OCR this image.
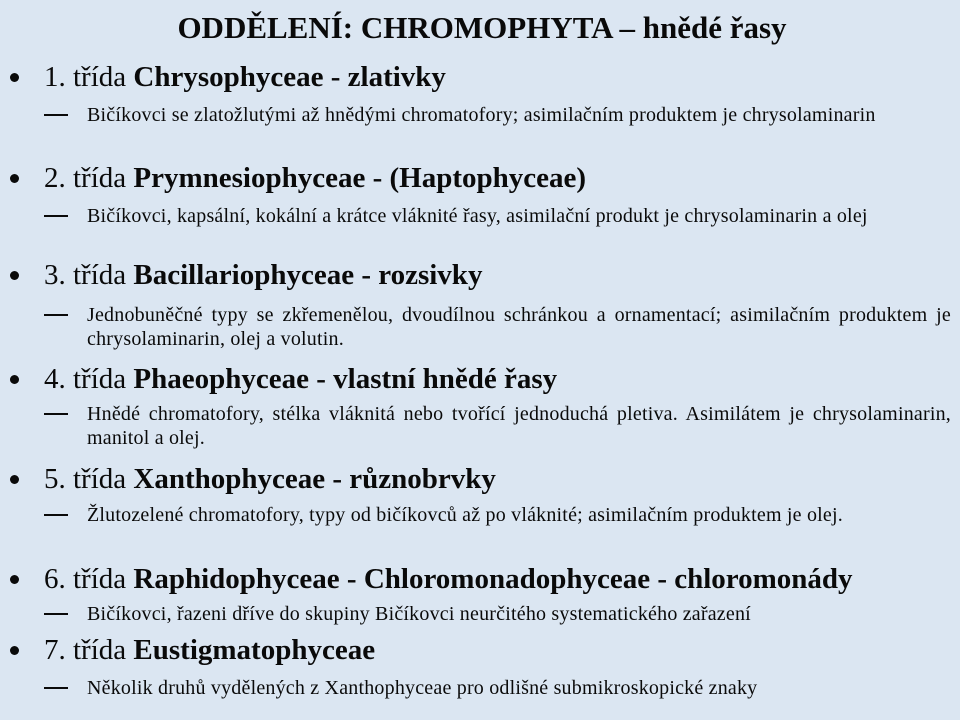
ODDĚLENÍ: CHROMOPHYTA – hnědé řasy
1. třída Chrysophyceae - zlativky
Bičíkovci se zlatožlutými až hnědými chromatofory; asimilačním produktem je chrysolaminarin
2. třída Prymnesiophyceae - (Haptophyceae)
Bičíkovci, kapsální, kokální a krátce vláknité řasy, asimilační produkt je chrysolaminarin a olej
3. třída Bacillariophyceae - rozsivky
Jednobuněčné typy se zkřemenělou, dvoudílnou schránkou a ornamentací; asimilačním produktem je chrysolaminarin, olej a volutin.
4. třída Phaeophyceae - vlastní hnědé řasy
Hnědé chromatofory, stélka vláknitá nebo tvořící jednoduchá pletiva. Asimilátem je chrysolaminarin, manitol a olej.
5. třída Xanthophyceae - různobrvky
Žlutozelené chromatofory, typy od bičíkovců až po vláknité; asimilačním produktem je olej.
6. třída Raphidophyceae - Chloromonadophyceae - chloromonády
Bičíkovci, řazeni dříve do skupiny Bičíkovci neurčitého systematického zařazení
7. třída Eustigmatophyceae
Několik druhů vydělených z Xanthophyceae pro odlišné submikroskopické znaky
